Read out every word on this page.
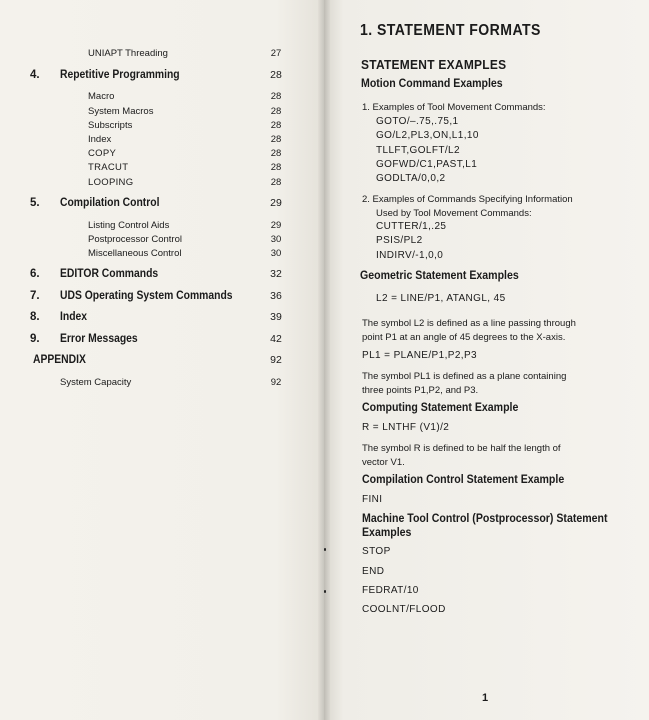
UNIAPT Threading	27
4. Repetitive Programming	28
Macro	28
System Macros	28
Subscripts	28
Index	28
COPY	28
TRACUT	28
LOOPING	28
5. Compilation Control	29
Listing Control Aids	29
Postprocessor Control	30
Miscellaneous Control	30
6. EDITOR Commands	32
7. UDS Operating System Commands	36
8. Index	39
9. Error Messages	42
APPENDIX	92
System Capacity	92
1. STATEMENT FORMATS
STATEMENT EXAMPLES
Motion Command Examples
1. Examples of Tool Movement Commands:
GOTO/–.75,.75,1
GO/L2,PL3,ON,L1,10
TLLFT,GOLFT/L2
GOFWD/C1,PAST,L1
GODLTA/0,0,2
2. Examples of Commands Specifying Information
Used by Tool Movement Commands:
CUTTER/1,.25
PSIS/PL2
INDIRV/-1,0,0
Geometric Statement Examples
L2 = LINE/P1, ATANGL, 45
The symbol L2 is defined as a line passing through
point P1 at an angle of 45 degrees to the X-axis.
PL1 = PLANE/P1,P2,P3
The symbol PL1 is defined as a plane containing
three points P1,P2, and P3.
Computing Statement Example
R = LNTHF (V1)/2
The symbol R is defined to be half the length of
vector V1.
Compilation Control Statement Example
FINI
Machine Tool Control (Postprocessor) Statement
Examples
STOP
END
FEDRAT/10
COOLNT/FLOOD
1
